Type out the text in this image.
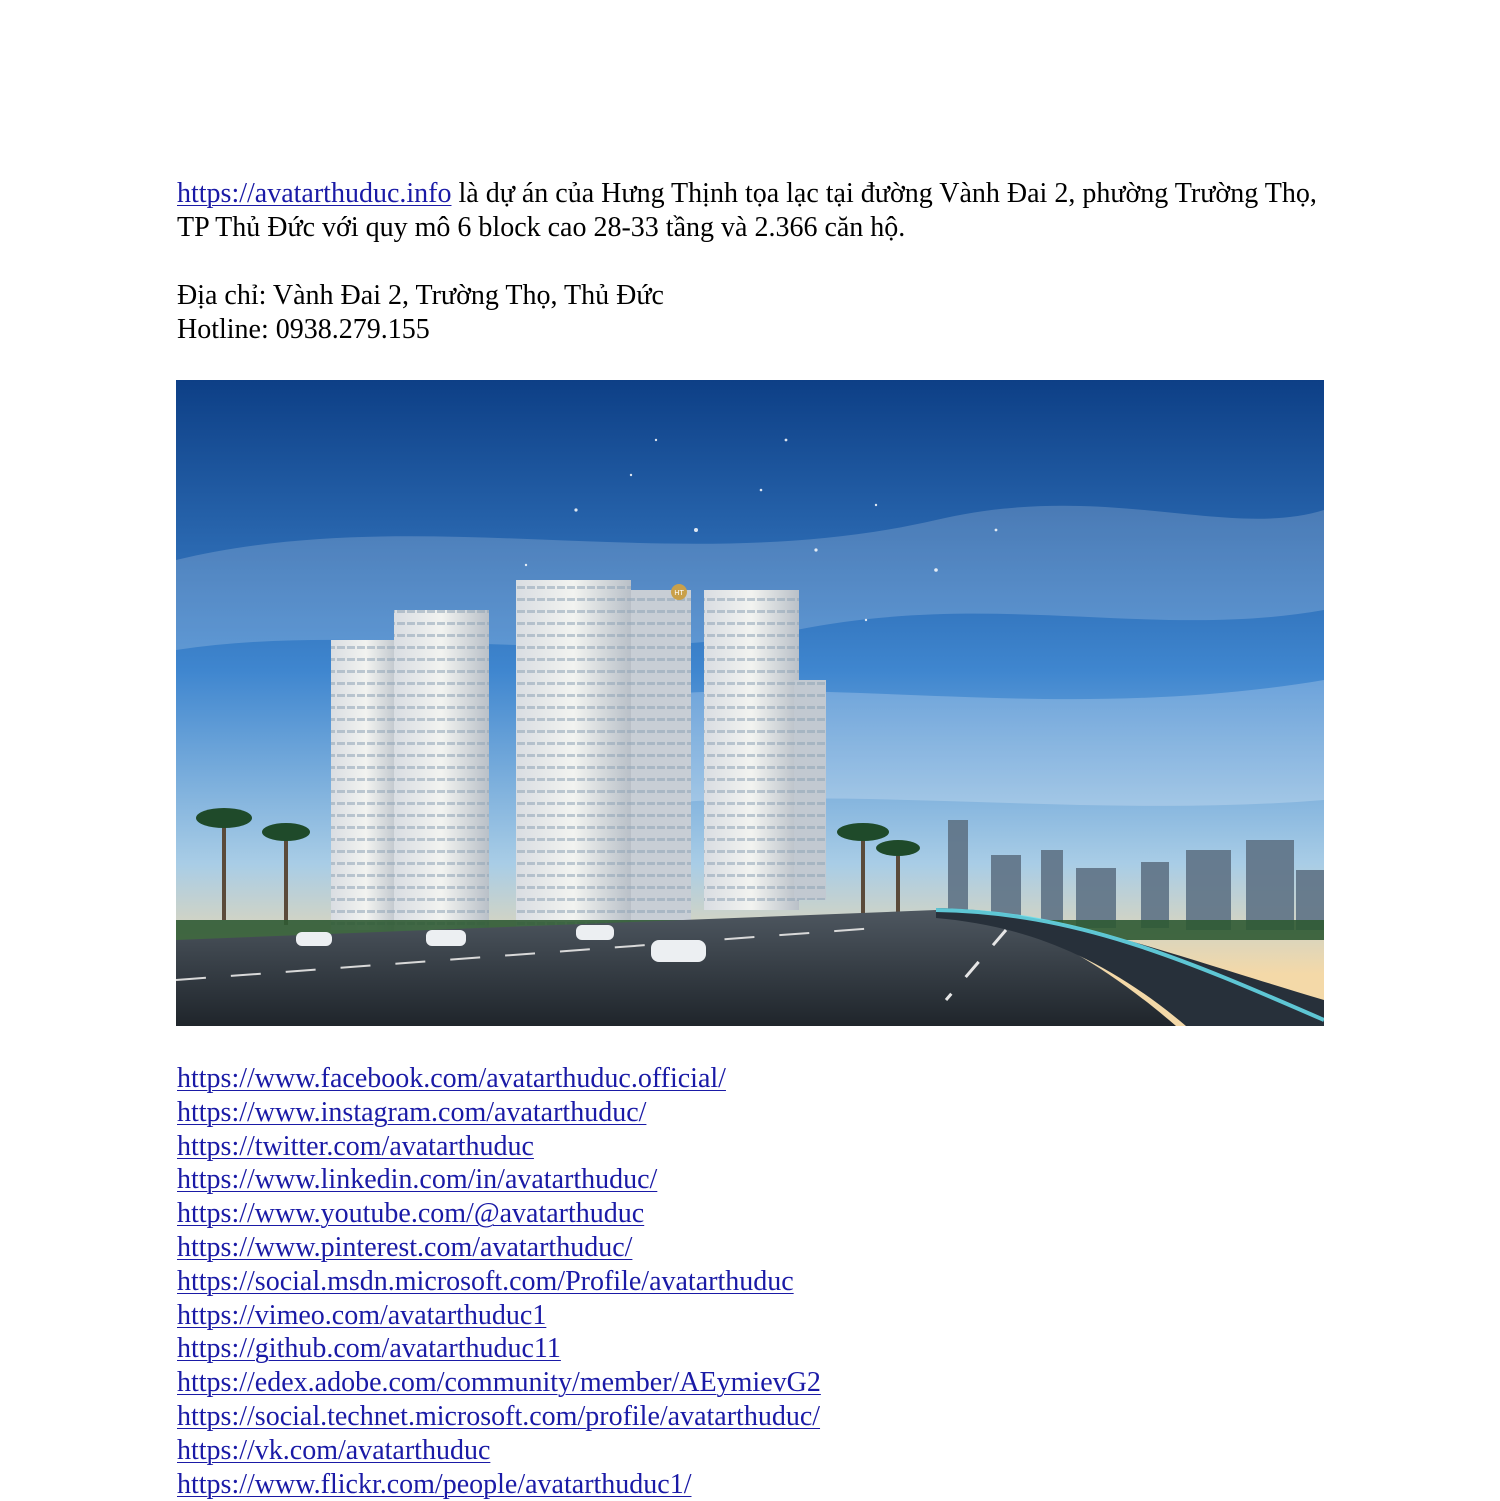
https://avatarthuduc.info là dự án của Hưng Thịnh tọa lạc tại đường Vành Đai 2, phường Trường Thọ, TP Thủ Đức với quy mô 6 block cao 28-33 tầng và 2.366 căn hộ.

Địa chỉ: Vành Đai 2, Trường Thọ, Thủ Đức
Hotline: 0938.279.155
HT
https://www.facebook.com/avatarthuduc.official/
https://www.instagram.com/avatarthuduc/
https://twitter.com/avatarthuduc
https://www.linkedin.com/in/avatarthuduc/
https://www.youtube.com/@avatarthuduc
https://www.pinterest.com/avatarthuduc/
https://social.msdn.microsoft.com/Profile/avatarthuduc
https://vimeo.com/avatarthuduc1
https://github.com/avatarthuduc11
https://edex.adobe.com/community/member/AEymievG2
https://social.technet.microsoft.com/profile/avatarthuduc/
https://vk.com/avatarthuduc
https://www.flickr.com/people/avatarthuduc1/
